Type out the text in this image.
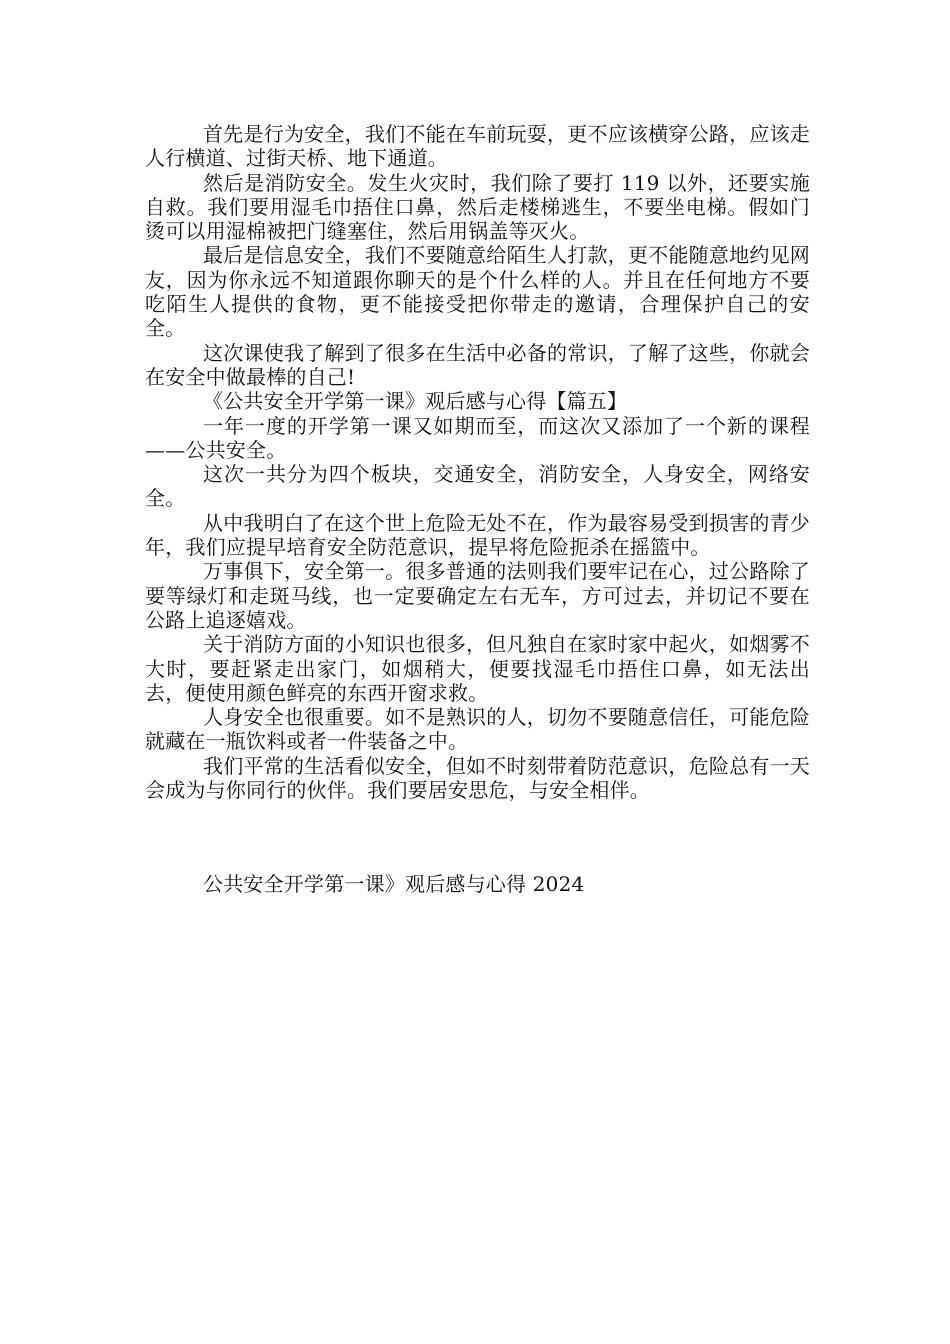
首先是行为安全，我们不能在车前玩耍，更不应该横穿公路，应该走人行横道、过街天桥、地下通道。

然后是消防安全。发生火灾时，我们除了要打 119 以外，还要实施自救。我们要用湿毛巾捂住口鼻，然后走楼梯逃生，不要坐电梯。假如门烫可以用湿棉被把门缝塞住，然后用锅盖等灭火。

最后是信息安全，我们不要随意给陌生人打款，更不能随意地约见网友，因为你永远不知道跟你聊天的是个什么样的人。并且在任何地方不要吃陌生人提供的食物，更不能接受把你带走的邀请，合理保护自己的安全。

这次课使我了解到了很多在生活中必备的常识，了解了这些，你就会在安全中做最棒的自己!

《公共安全开学第一课》观后感与心得【篇五】

一年一度的开学第一课又如期而至，而这次又添加了一个新的课程——公共安全。

这次一共分为四个板块，交通安全，消防安全，人身安全，网络安全。

从中我明白了在这个世上危险无处不在，作为最容易受到损害的青少年，我们应提早培育安全防范意识，提早将危险扼杀在摇篮中。

万事俱下，安全第一。很多普通的法则我们要牢记在心，过公路除了要等绿灯和走斑马线，也一定要确定左右无车，方可过去，并切记不要在公路上追逐嬉戏。

关于消防方面的小知识也很多，但凡独自在家时家中起火，如烟雾不大时，要赶紧走出家门，如烟稍大，便要找湿毛巾捂住口鼻，如无法出去，便使用颜色鲜亮的东西开窗求救。

人身安全也很重要。如不是熟识的人，切勿不要随意信任，可能危险就藏在一瓶饮料或者一件装备之中。

我们平常的生活看似安全，但如不时刻带着防范意识，危险总有一天会成为与你同行的伙伴。我们要居安思危，与安全相伴。

公共安全开学第一课》观后感与心得 2024
